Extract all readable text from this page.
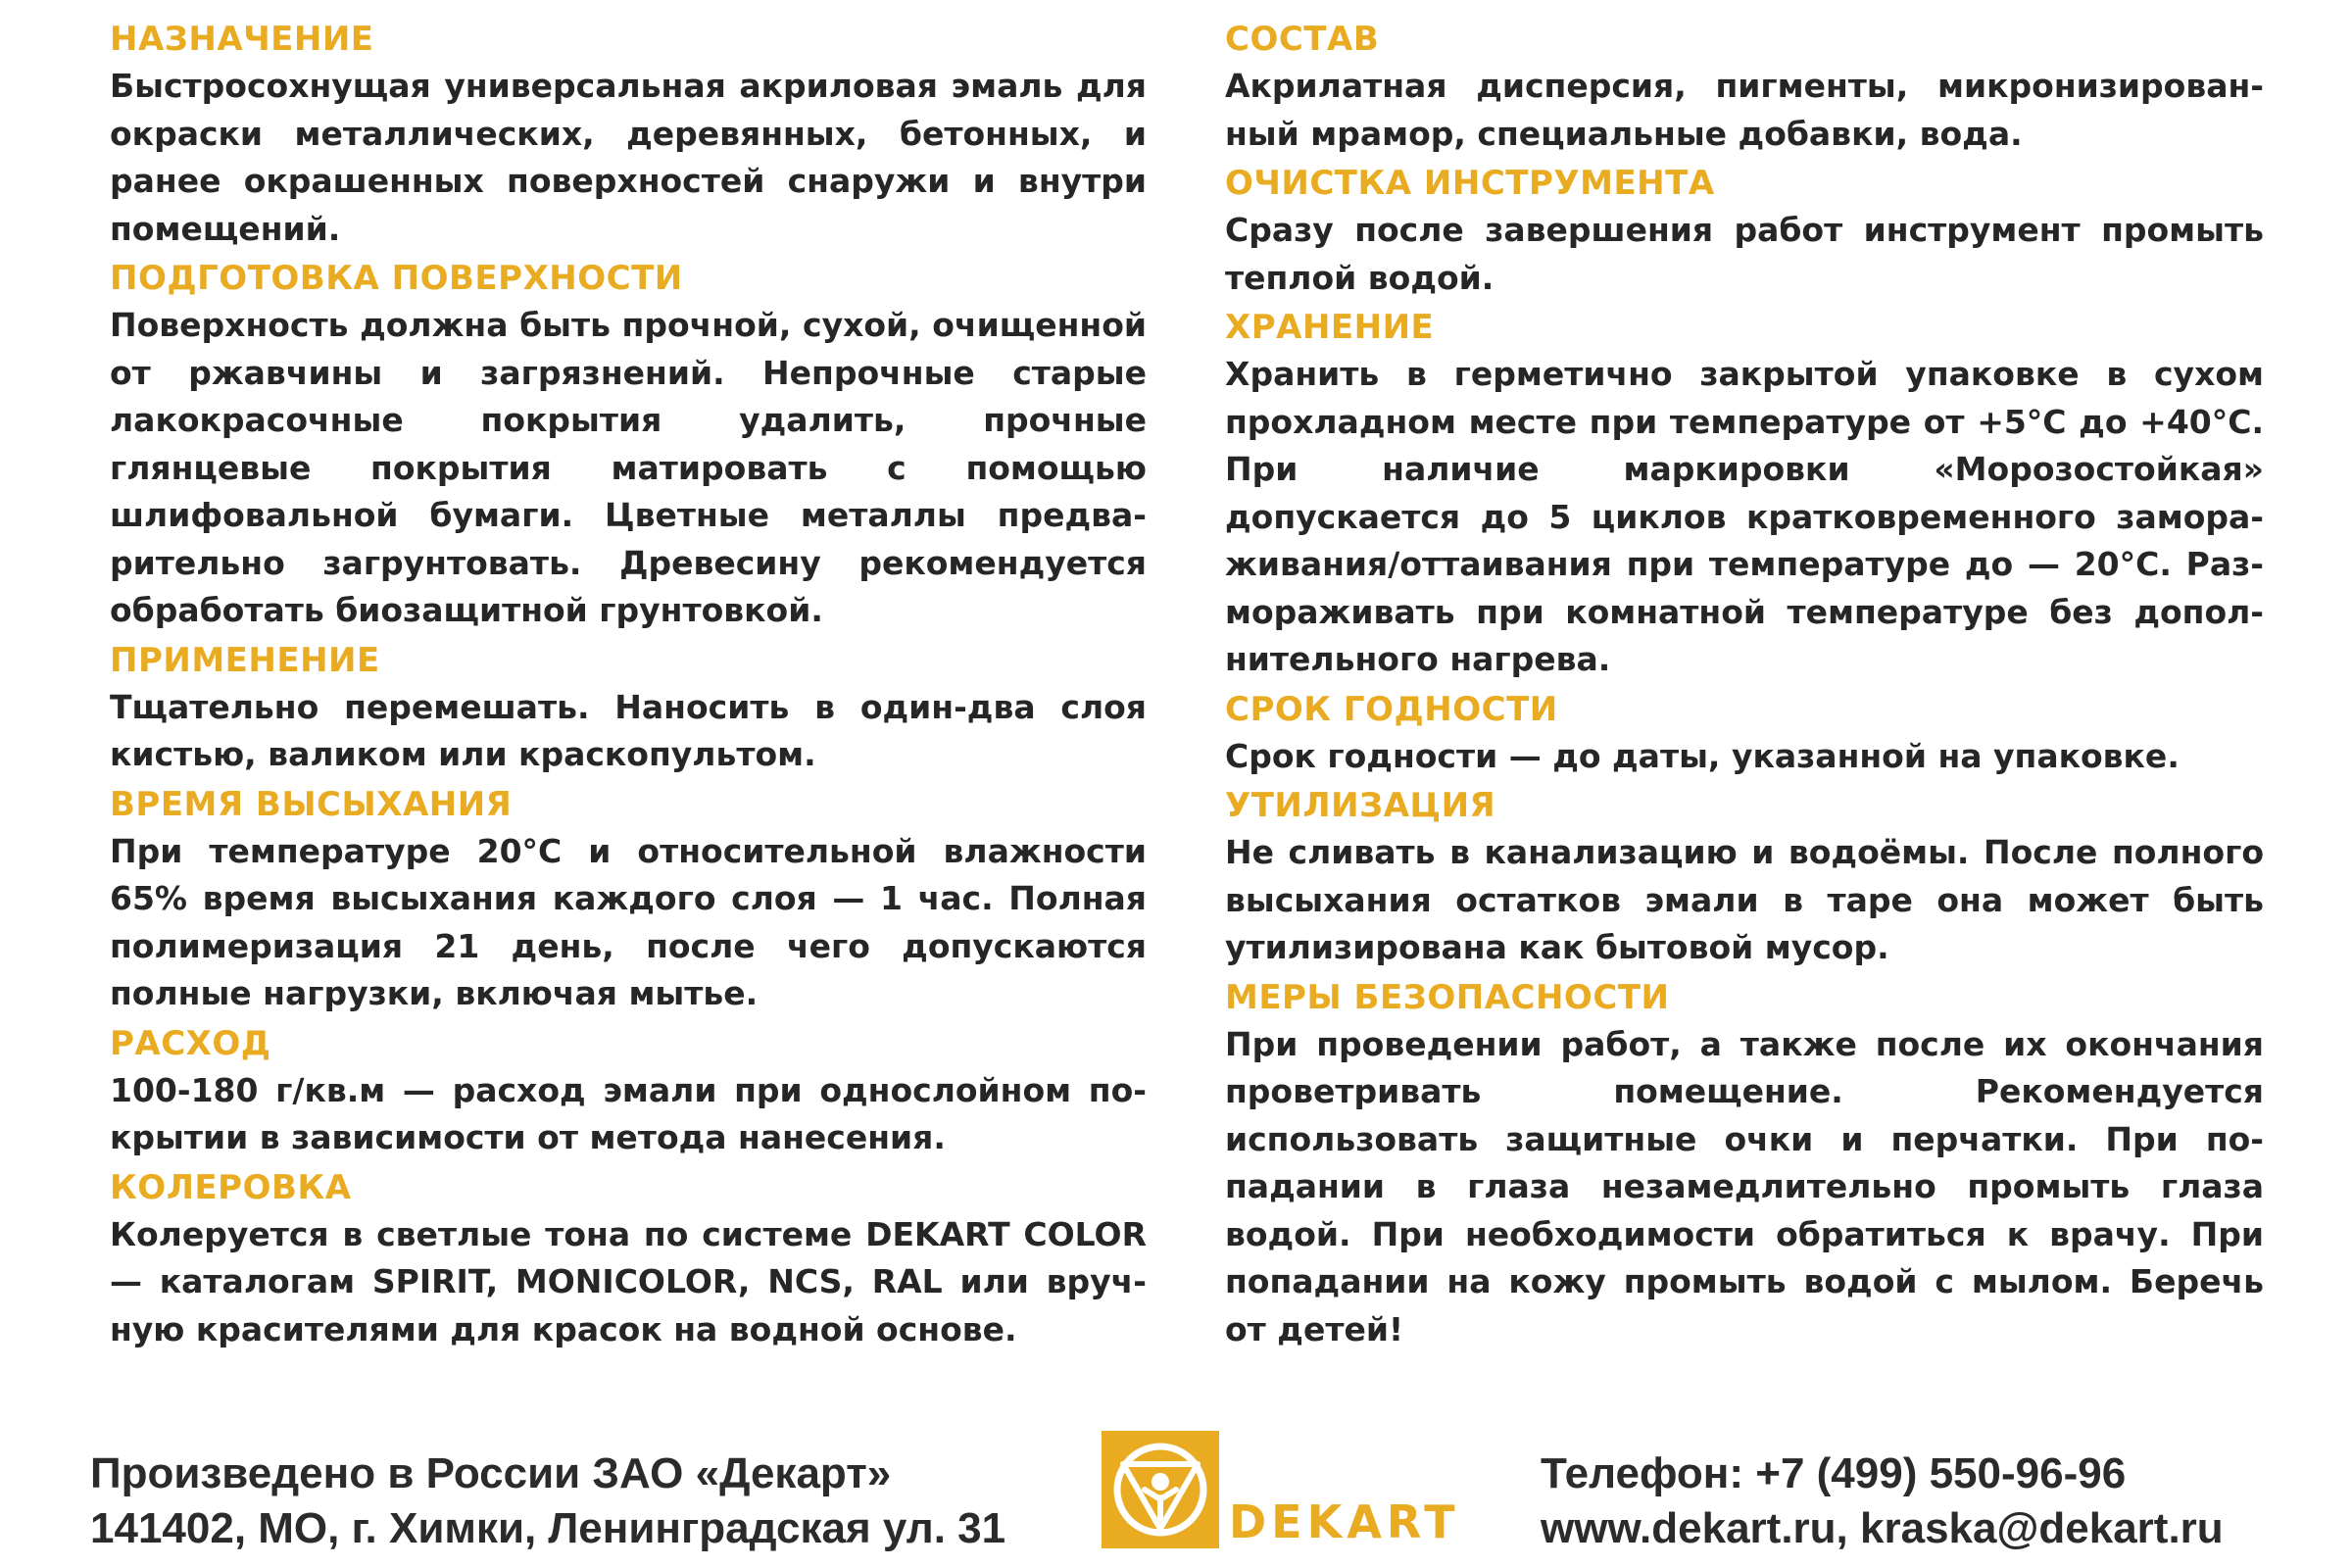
НАЗНАЧЕНИЕ

Быстросохнущая универсальная акриловая эмаль для окраски металлических, деревянных, бетонных, и ранее окрашенных поверхностей снаружи и внутри помещений.

ПОДГОТОВКА ПОВЕРХНОСТИ

Поверхность должна быть прочной, сухой, очищенной от ржавчины и загрязнений. Непрочные старые лакокрасочные покрытия удалить, прочные глянцевые покрытия матировать с помощью шлифовальной бумаги. Цветные металлы предварительно загрунтовать. Древесину рекомендуется обработать биозащитной грунтовкой.

ПРИМЕНЕНИЕ

Тщательно перемешать. Наносить в один-два слоя кистью, валиком или краскопультом.

ВРЕМЯ ВЫСЫХАНИЯ

При температуре 20°С и относительной влажности 65% время высыхания каждого слоя — 1 час. Полная полимеризация 21 день, после чего допускаются полные нагрузки, включая мытье.

РАСХОД

100-180 г/кв.м — расход эмали при однослойном покрытии в зависимости от метода нанесения.

КОЛЕРОВКА

Колеруется в светлые тона по системе DEKART COLOR — каталогам SPIRIT, MONICOLOR, NCS, RAL или вручную красителями для красок на водной основе.

СОСТАВ

Акрилатная дисперсия, пигменты, микронизированный мрамор, специальные добавки, вода.

ОЧИСТКА ИНСТРУМЕНТА

Сразу после завершения работ инструмент промыть теплой водой.

ХРАНЕНИЕ

Хранить в герметично закрытой упаковке в сухом прохладном месте при температуре от +5°С до +40°С. При наличие маркировки «Морозостойкая» допускается до 5 циклов кратковременного замораживания/оттаивания при температуре до — 20°С. Размораживать при комнатной температуре без дополнительного нагрева.

СРОК ГОДНОСТИ

Срок годности — до даты, указанной на упаковке.

УТИЛИЗАЦИЯ

Не сливать в канализацию и водоёмы. После полного высыхания остатков эмали в таре она может быть утилизирована как бытовой мусор.

МЕРЫ БЕЗОПАСНОСТИ

При проведении работ, а также после их окончания проветривать помещение. Рекомендуется использовать защитные очки и перчатки. При попадании в глаза незамедлительно промыть глаза водой. При необходимости обратиться к врачу. При попадании на кожу промыть водой с мылом. Беречь от детей!

Произведено в России ЗАО «Декарт»
141402, МО, г. Химки, Ленинградская ул. 31	DEKART
Телефон: +7 (499) 550-96-96
www.dekart.ru, kraska@dekart.ru
